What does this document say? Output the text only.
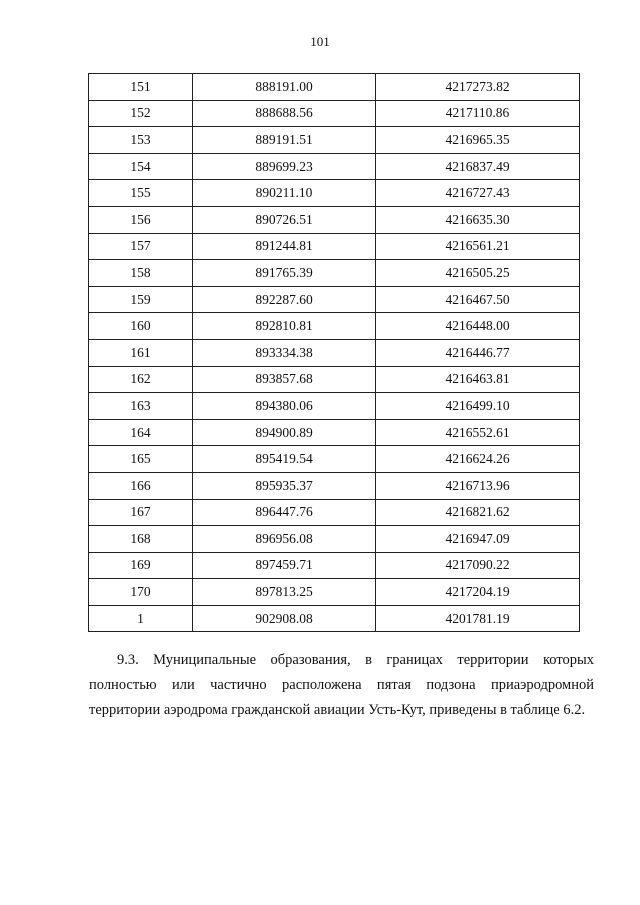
101
151	888191.00	4217273.82
152	888688.56	4217110.86
153	889191.51	4216965.35
154	889699.23	4216837.49
155	890211.10	4216727.43
156	890726.51	4216635.30
157	891244.81	4216561.21
158	891765.39	4216505.25
159	892287.60	4216467.50
160	892810.81	4216448.00
161	893334.38	4216446.77
162	893857.68	4216463.81
163	894380.06	4216499.10
164	894900.89	4216552.61
165	895419.54	4216624.26
166	895935.37	4216713.96
167	896447.76	4216821.62
168	896956.08	4216947.09
169	897459.71	4217090.22
170	897813.25	4217204.19
1	902908.08	4201781.19

9.3. Муниципальные образования, в границах территории которых полностью или частично расположена пятая подзона приаэродромной территории аэродрома гражданской авиации Усть-Кут, приведены в таблице 6.2.
